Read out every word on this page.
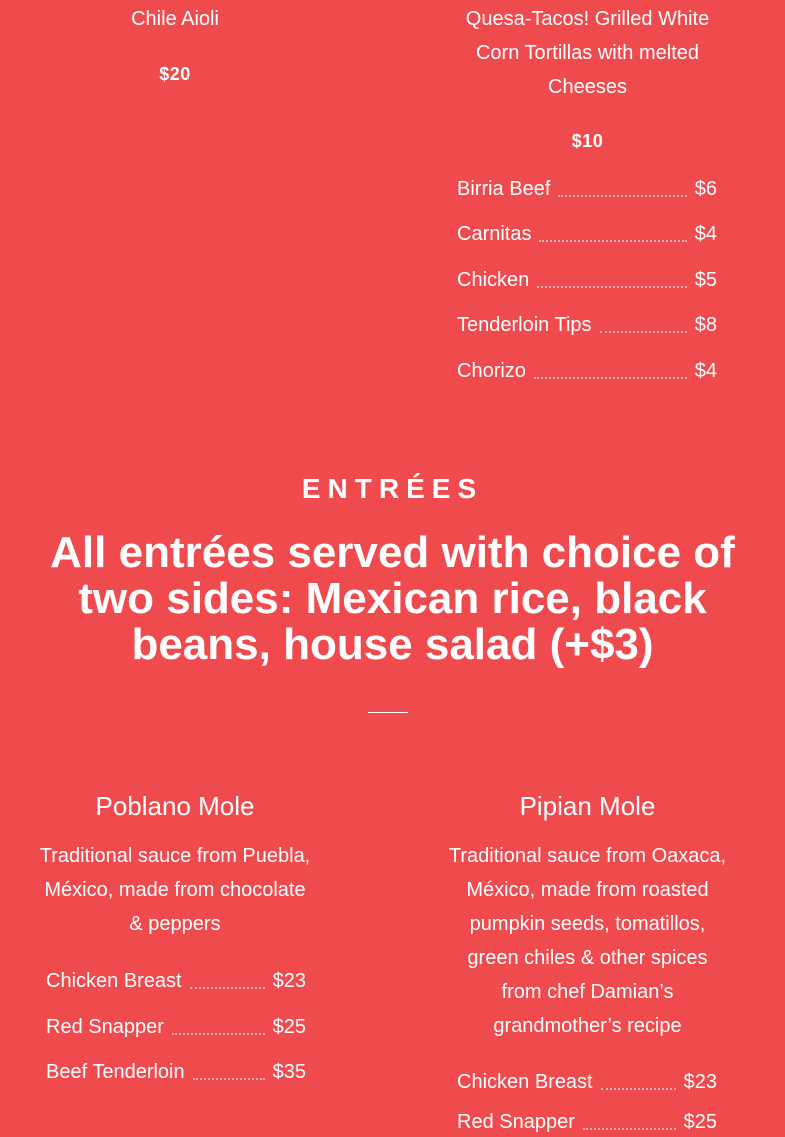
Chile Aioli
$20
Quesa-Tacos! Grilled White
Corn Tortillas with melted
Cheeses
$10
Birria Beef	$6
Carnitas	$4
Chicken	$5
Tenderloin Tips	$8
Chorizo	$4
ENTRÉES
All entrées served with choice of
two sides: Mexican rice, black
beans, house salad (+$3)
Poblano Mole
Traditional sauce from Puebla,
México, made from chocolate
& peppers
Chicken Breast	$23
Red Snapper	$25
Beef Tenderloin	$35
Pipian Mole
Traditional sauce from Oaxaca,
México, made from roasted
pumpkin seeds, tomatillos,
green chiles & other spices
from chef Damian’s
grandmother’s recipe
Chicken Breast	$23
Red Snapper	$25
